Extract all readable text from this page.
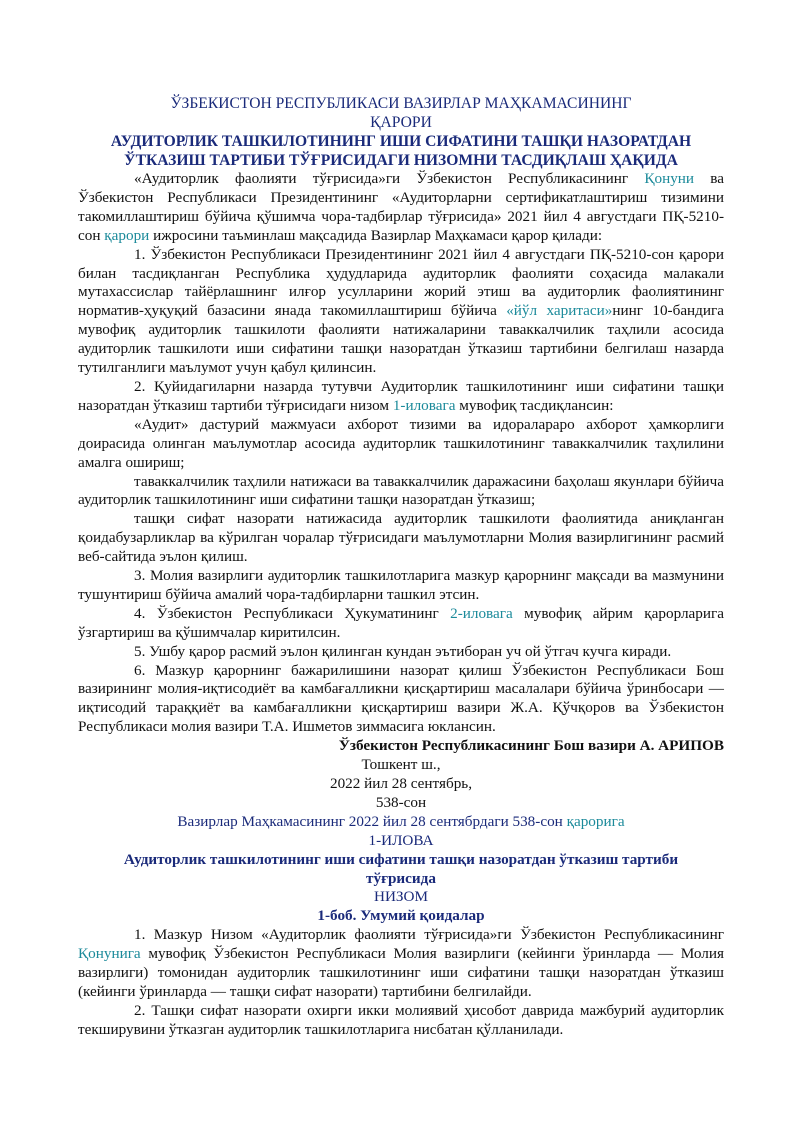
ЎЗБЕКИСТОН РЕСПУБЛИКАСИ ВАЗИРЛАР МАҲКАМАСИНИНГ
ҚАРОРИ
АУДИТОРЛИК ТАШКИЛОТИНИНГ ИШИ СИФАТИНИ ТАШҚИ НАЗОРАТДАН
ЎТКАЗИШ ТАРТИБИ ТЎҒРИСИДАГИ НИЗОМНИ ТАСДИҚЛАШ ҲАҚИДА

«Аудиторлик фаолияти тўғрисида»ги Ўзбекистон Республикасининг Қонуни ва Ўзбекистон Республикаси Президентининг «Аудиторларни сертификатлаштириш тизимини такомиллаштириш бўйича қўшимча чора-тадбирлар тўғрисида» 2021 йил 4 августдаги ПҚ-5210-сон қарори ижросини таъминлаш мақсадида Вазирлар Маҳкамаси қарор қилади:

1. Ўзбекистон Республикаси Президентининг 2021 йил 4 августдаги ПҚ-5210-сон қарори билан тасдиқланган Республика ҳудудларида аудиторлик фаолияти соҳасида малакали мутахассислар тайёрлашнинг илғор усулларини жорий этиш ва аудиторлик фаолиятининг норматив-ҳуқуқий базасини янада такомиллаштириш бўйича «йўл харитаси»нинг 10-бандига мувофиқ аудиторлик ташкилоти фаолияти натижаларини таваккалчилик таҳлили асосида аудиторлик ташкилоти иши сифатини ташқи назоратдан ўтказиш тартибини белгилаш назарда тутилганлиги маълумот учун қабул қилинсин.

2. Қуйидагиларни назарда тутувчи Аудиторлик ташкилотининг иши сифатини ташқи назоратдан ўтказиш тартиби тўғрисидаги низом 1-иловага мувофиқ тасдиқлансин:

«Аудит» дастурий мажмуаси ахборот тизими ва идоралараро ахборот ҳамкорлиги доирасида олинган маълумотлар асосида аудиторлик ташкилотининг таваккалчилик таҳлилини амалга ошириш;

таваккалчилик таҳлили натижаси ва таваккалчилик даражасини баҳолаш якунлари бўйича аудиторлик ташкилотининг иши сифатини ташқи назоратдан ўтказиш;

ташқи сифат назорати натижасида аудиторлик ташкилоти фаолиятида аниқланган қоидабузарликлар ва кўрилган чоралар тўғрисидаги маълумотларни Молия вазирлигининг расмий веб-сайтида эълон қилиш.

3. Молия вазирлиги аудиторлик ташкилотларига мазкур қарорнинг мақсади ва мазмунини тушунтириш бўйича амалий чора-тадбирларни ташкил этсин.

4. Ўзбекистон Республикаси Ҳукуматининг 2-иловага мувофиқ айрим қарорларига ўзгартириш ва қўшимчалар киритилсин.

5. Ушбу қарор расмий эълон қилинган кундан эътиборан уч ой ўтгач кучга киради.

6. Мазкур қарорнинг бажарилишини назорат қилиш Ўзбекистон Республикаси Бош вазирининг молия-иқтисодиёт ва камбағалликни қисқартириш масалалари бўйича ўринбосари — иқтисодий тараққиёт ва камбағалликни қисқартириш вазири Ж.А. Қўчқоров ва Ўзбекистон Республикаси молия вазири Т.А. Ишметов зиммасига юклансин.

Ўзбекистон Республикасининг Бош вазири А. АРИПОВ
Тошкент ш.,
2022 йил 28 сентябрь,
538-сон
Вазирлар Маҳкамасининг 2022 йил 28 сентябрдаги 538-сон қарорига
1-ИЛОВА
Аудиторлик ташкилотининг иши сифатини ташқи назоратдан ўтказиш тартиби
тўғрисида
НИЗОМ
1-боб. Умумий қоидалар

1. Мазкур Низом «Аудиторлик фаолияти тўғрисида»ги Ўзбекистон Республикасининг Қонунига мувофиқ Ўзбекистон Республикаси Молия вазирлиги (кейинги ўринларда — Молия вазирлиги) томонидан аудиторлик ташкилотининг иши сифатини ташқи назоратдан ўтказиш (кейинги ўринларда — ташқи сифат назорати) тартибини белгилайди.

2. Ташқи сифат назорати охирги икки молиявий ҳисобот даврида мажбурий аудиторлик текширувини ўтказган аудиторлик ташкилотларига нисбатан қўлланилади.
